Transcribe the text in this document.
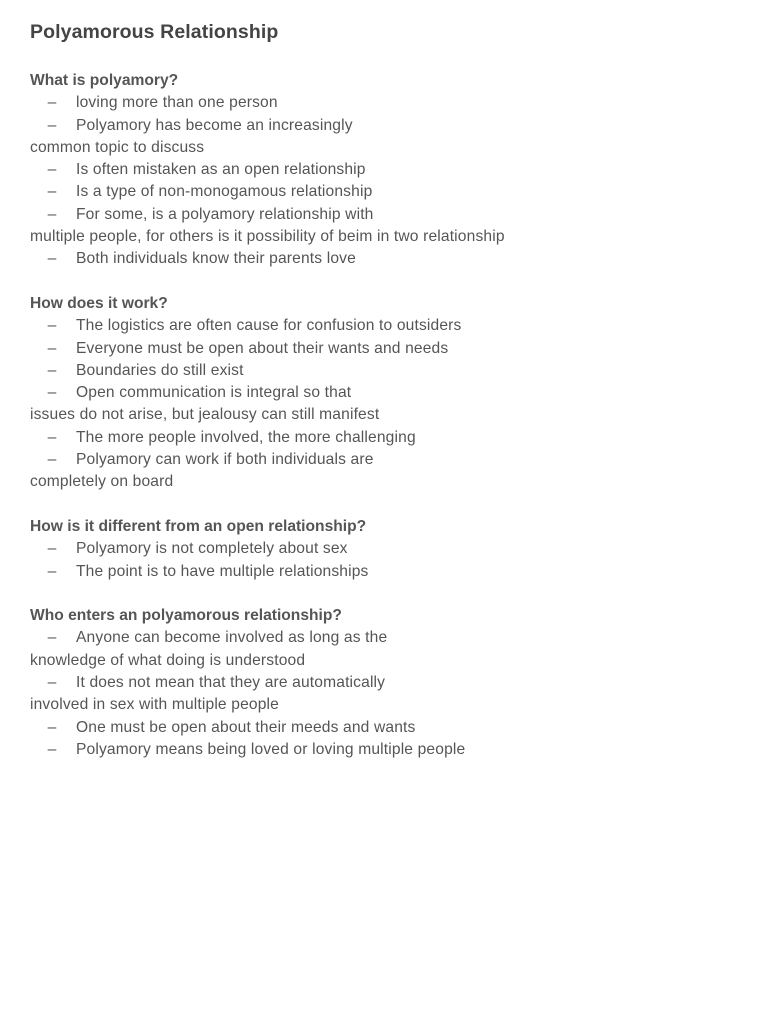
Polyamorous Relationship
What is polyamory?
– loving more than one person
– Polyamory has become an increasingly
common topic to discuss
– Is often mistaken as an open relationship
– Is a type of non-monogamous relationship
– For some, is a polyamory relationship with
multiple people, for others is it possibility of beim in two relationship
– Both individuals know their parents love
How does it work?
– The logistics are often cause for confusion to outsiders
– Everyone must be open about their wants and needs
– Boundaries do still exist
– Open communication is integral so that
issues do not arise, but jealousy can still manifest
– The more people involved, the more challenging
– Polyamory can work if both individuals are
completely on board
How is it different from an open relationship?
– Polyamory is not completely about sex
– The point is to have multiple relationships
Who enters an polyamorous relationship?
– Anyone can become involved as long as the
knowledge of what doing is understood
– It does not mean that they are automatically
involved in sex with multiple people
– One must be open about their meeds and wants
– Polyamory means being loved or loving multiple people
